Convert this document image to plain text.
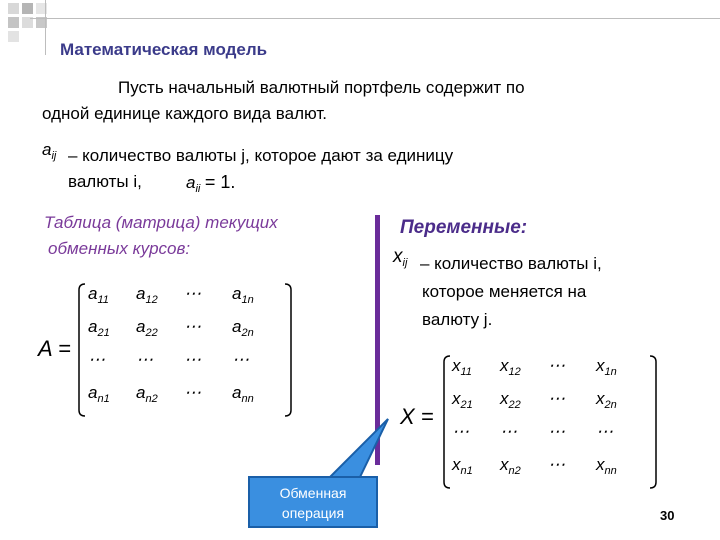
Математическая модель
Пусть начальный валютный портфель содержит по
одной единице каждого вида валют.
$a_{ij}$ – количество валюты j, которое дают за единицу
валюты i,	$a_{ii} = 1$.
Таблица (матрица) текущих
обменных курсов:
Переменные:
$x_{ij}$ – количество валюты i,
которое меняется на
валюту j.
A =
$a_{11}$ $a_{12}$ ⋯ $a_{1n}$
$a_{21}$ $a_{22}$ ⋯ $a_{2n}$
⋯ ⋯ ⋯ ⋯
$a_{n1}$ $a_{n2}$ ⋯ $a_{nn}$
X =
$x_{11}$ $x_{12}$ ⋯ $x_{1n}$
$x_{21}$ $x_{22}$ ⋯ $x_{2n}$
⋯ ⋯ ⋯ ⋯
$x_{n1}$ $x_{n2}$ ⋯ $x_{nn}$
Обменная
операция	30
